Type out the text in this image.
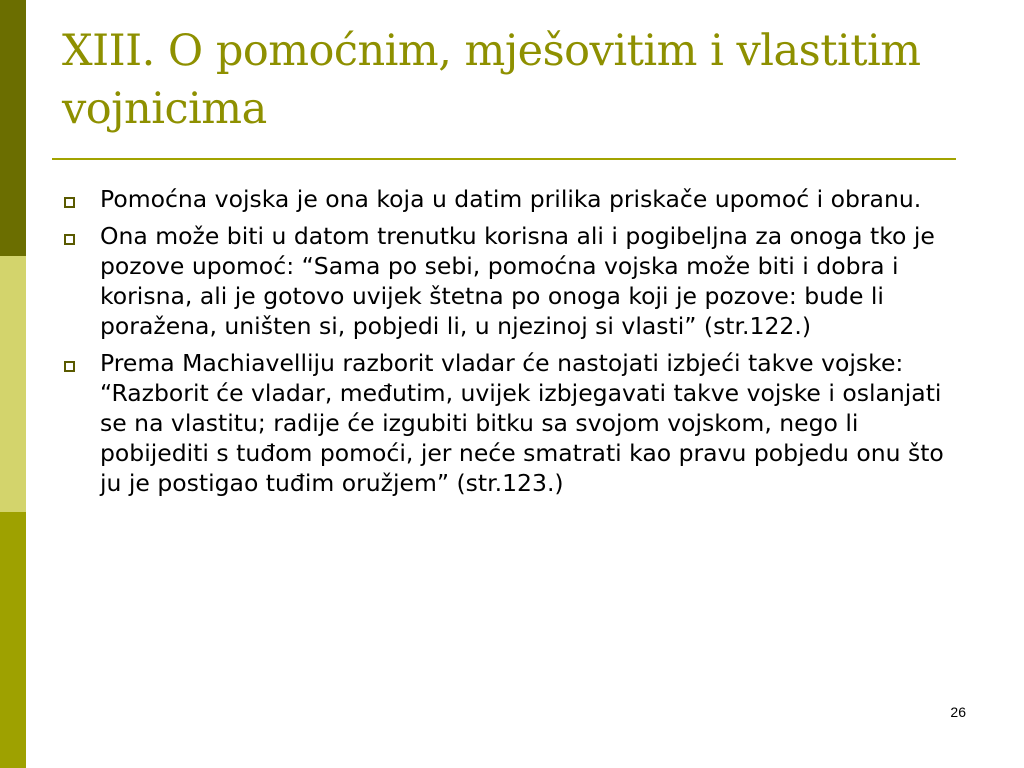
XIII. O pomoćnim, mješovitim i vlastitim vojnicima
Pomoćna vojska je ona koja u datim prilika priskače upomoć i obranu.
Ona može biti u datom trenutku korisna ali i pogibeljna za onoga tko je pozove upomoć: “Sama po sebi, pomoćna vojska može biti i dobra i korisna, ali je gotovo uvijek štetna po onoga koji je pozove: bude li poražena, uništen si, pobjedi li, u njezinoj si vlasti” (str.122.)
Prema Machiavelliju razborit vladar će nastojati izbjeći takve vojske: “Razborit će vladar, međutim, uvijek izbjegavati takve vojske i oslanjati se na vlastitu; radije će izgubiti bitku sa svojom vojskom, nego li pobijediti s tuđom pomoći, jer neće smatrati kao pravu pobjedu onu što ju je postigao tuđim oružjem” (str.123.)
26
